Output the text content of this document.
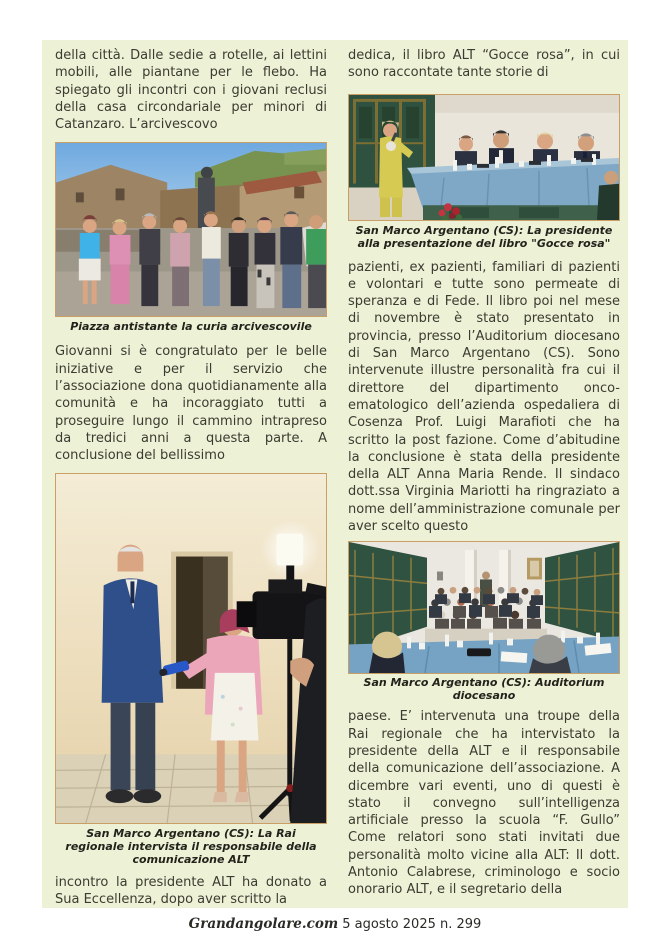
della città. Dalle sedie a rotelle, ai lettini mobili, alle piantane per le flebo. Ha spiegato gli incontri con i giovani reclusi della casa circondariale per minori di Catanzaro. L’arcivescovo

Piazza antistante la curia arcivescovile

Giovanni si è congratulato per le belle iniziative e per il servizio che l’associazione dona quotidianamente alla comunità e ha incoraggiato tutti a proseguire lungo il cammino intrapreso da tredici anni a questa parte. A conclusione del bellissimo

San Marco Argentano (CS): La Rai regionale intervista il responsabile della comunicazione ALT

incontro la presidente ALT ha donato a Sua Eccellenza, dopo aver scritto la

dedica, il libro ALT “Gocce rosa”, in cui sono raccontate tante storie di

San Marco Argentano (CS): La presidente alla presentazione del libro "Gocce rosa"

pazienti, ex pazienti, familiari di pazienti e volontari e tutte sono permeate di speranza e di Fede. Il libro poi nel mese di novembre è stato presentato in provincia, presso l’Auditorium diocesano di San Marco Argentano (CS). Sono intervenute illustre personalità fra cui il direttore del dipartimento onco-ematologico dell’azienda ospedaliera di Cosenza Prof. Luigi Marafioti che ha scritto la post fazione. Come d’abitudine la conclusione è stata della presidente della ALT Anna Maria Rende. Il sindaco dott.ssa Virginia Mariotti ha ringraziato a nome dell’amministrazione comunale per aver scelto questo

San Marco Argentano (CS): Auditorium diocesano

paese. E’ intervenuta una troupe della Rai regionale che ha intervistato la presidente della ALT e il responsabile della comunicazione dell’associazione. A dicembre vari eventi, uno di questi è stato il convegno sull’intelligenza artificiale presso la scuola “F. Gullo” Come relatori sono stati invitati due personalità molto vicine alla ALT: Il dott. Antonio Calabrese, criminologo e socio onorario ALT, e il segretario della

Grandangolare.com 5 agosto 2025 n. 299
